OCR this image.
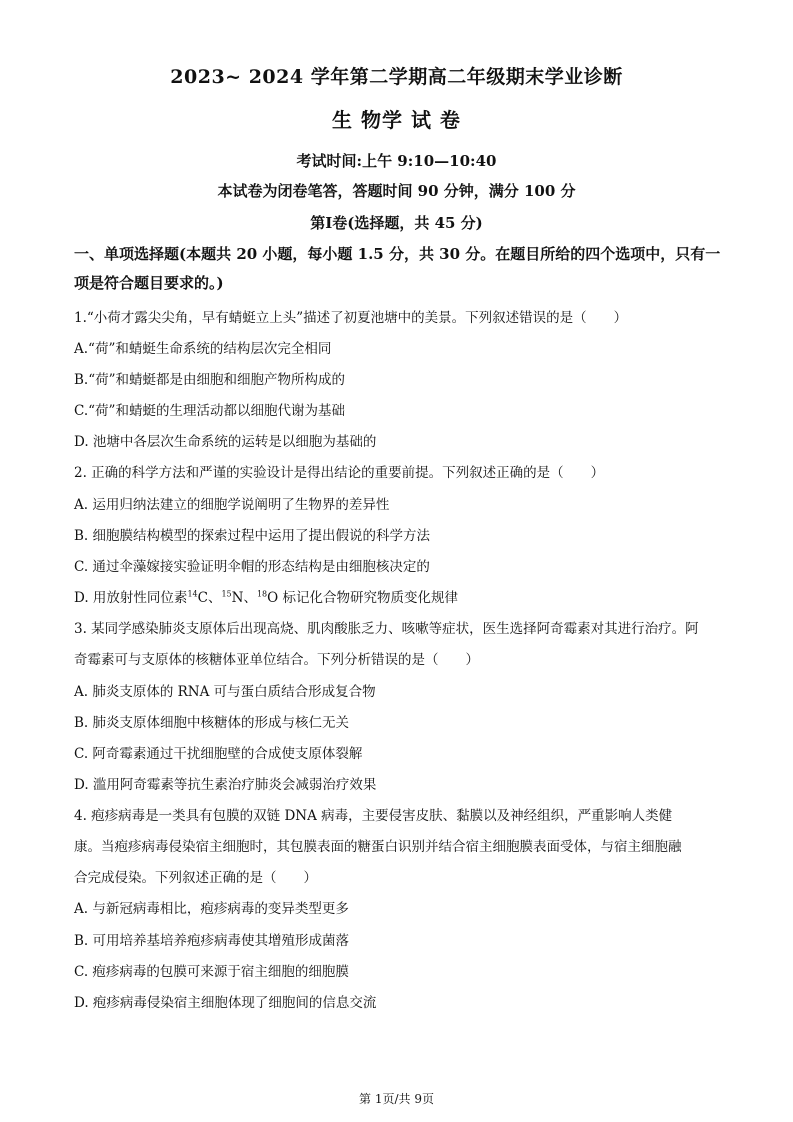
2023~ 2024 学年第二学期高二年级期末学业诊断
生 物学 试 卷
考试时间:上午 9:10—10:40
本试卷为闭卷笔答，答题时间 90 分钟，满分 100 分
第Ⅰ卷(选择题，共 45 分)

一、单项选择题(本题共 20 小题，每小题 1.5 分，共 30 分。在题目所给的四个选项中，只有一项是符合题目要求的。)

1.“小荷才露尖尖角，早有蜻蜓立上头”描述了初夏池塘中的美景。下列叙述错误的是（　　）
A.“荷”和蜻蜓生命系统的结构层次完全相同
B.“荷”和蜻蜓都是由细胞和细胞产物所构成的
C.“荷”和蜻蜓的生理活动都以细胞代谢为基础
D. 池塘中各层次生命系统的运转是以细胞为基础的
2. 正确的科学方法和严谨的实验设计是得出结论的重要前提。下列叙述正确的是（　　）
A. 运用归纳法建立的细胞学说阐明了生物界的差异性
B. 细胞膜结构模型的探索过程中运用了提出假说的科学方法
C. 通过伞藻嫁接实验证明伞帽的形态结构是由细胞核决定的
D. 用放射性同位素$^{14}$C、$^{15}$N、$^{18}$O 标记化合物研究物质变化规律
3. 某同学感染肺炎支原体后出现高烧、肌肉酸胀乏力、咳嗽等症状，医生选择阿奇霉素对其进行治疗。阿
奇霉素可与支原体的核糖体亚单位结合。下列分析错误的是（　　）
A. 肺炎支原体的 RNA 可与蛋白质结合形成复合物
B. 肺炎支原体细胞中核糖体的形成与核仁无关
C. 阿奇霉素通过干扰细胞壁的合成使支原体裂解
D. 滥用阿奇霉素等抗生素治疗肺炎会减弱治疗效果
4. 疱疹病毒是一类具有包膜的双链 DNA 病毒，主要侵害皮肤、黏膜以及神经组织，严重影响人类健
康。当疱疹病毒侵染宿主细胞时，其包膜表面的糖蛋白识别并结合宿主细胞膜表面受体，与宿主细胞融
合完成侵染。下列叙述正确的是（　　）
A. 与新冠病毒相比，疱疹病毒的变异类型更多
B. 可用培养基培养疱疹病毒使其增殖形成菌落
C. 疱疹病毒的包膜可来源于宿主细胞的细胞膜
D. 疱疹病毒侵染宿主细胞体现了细胞间的信息交流
第 1页/共 9页
